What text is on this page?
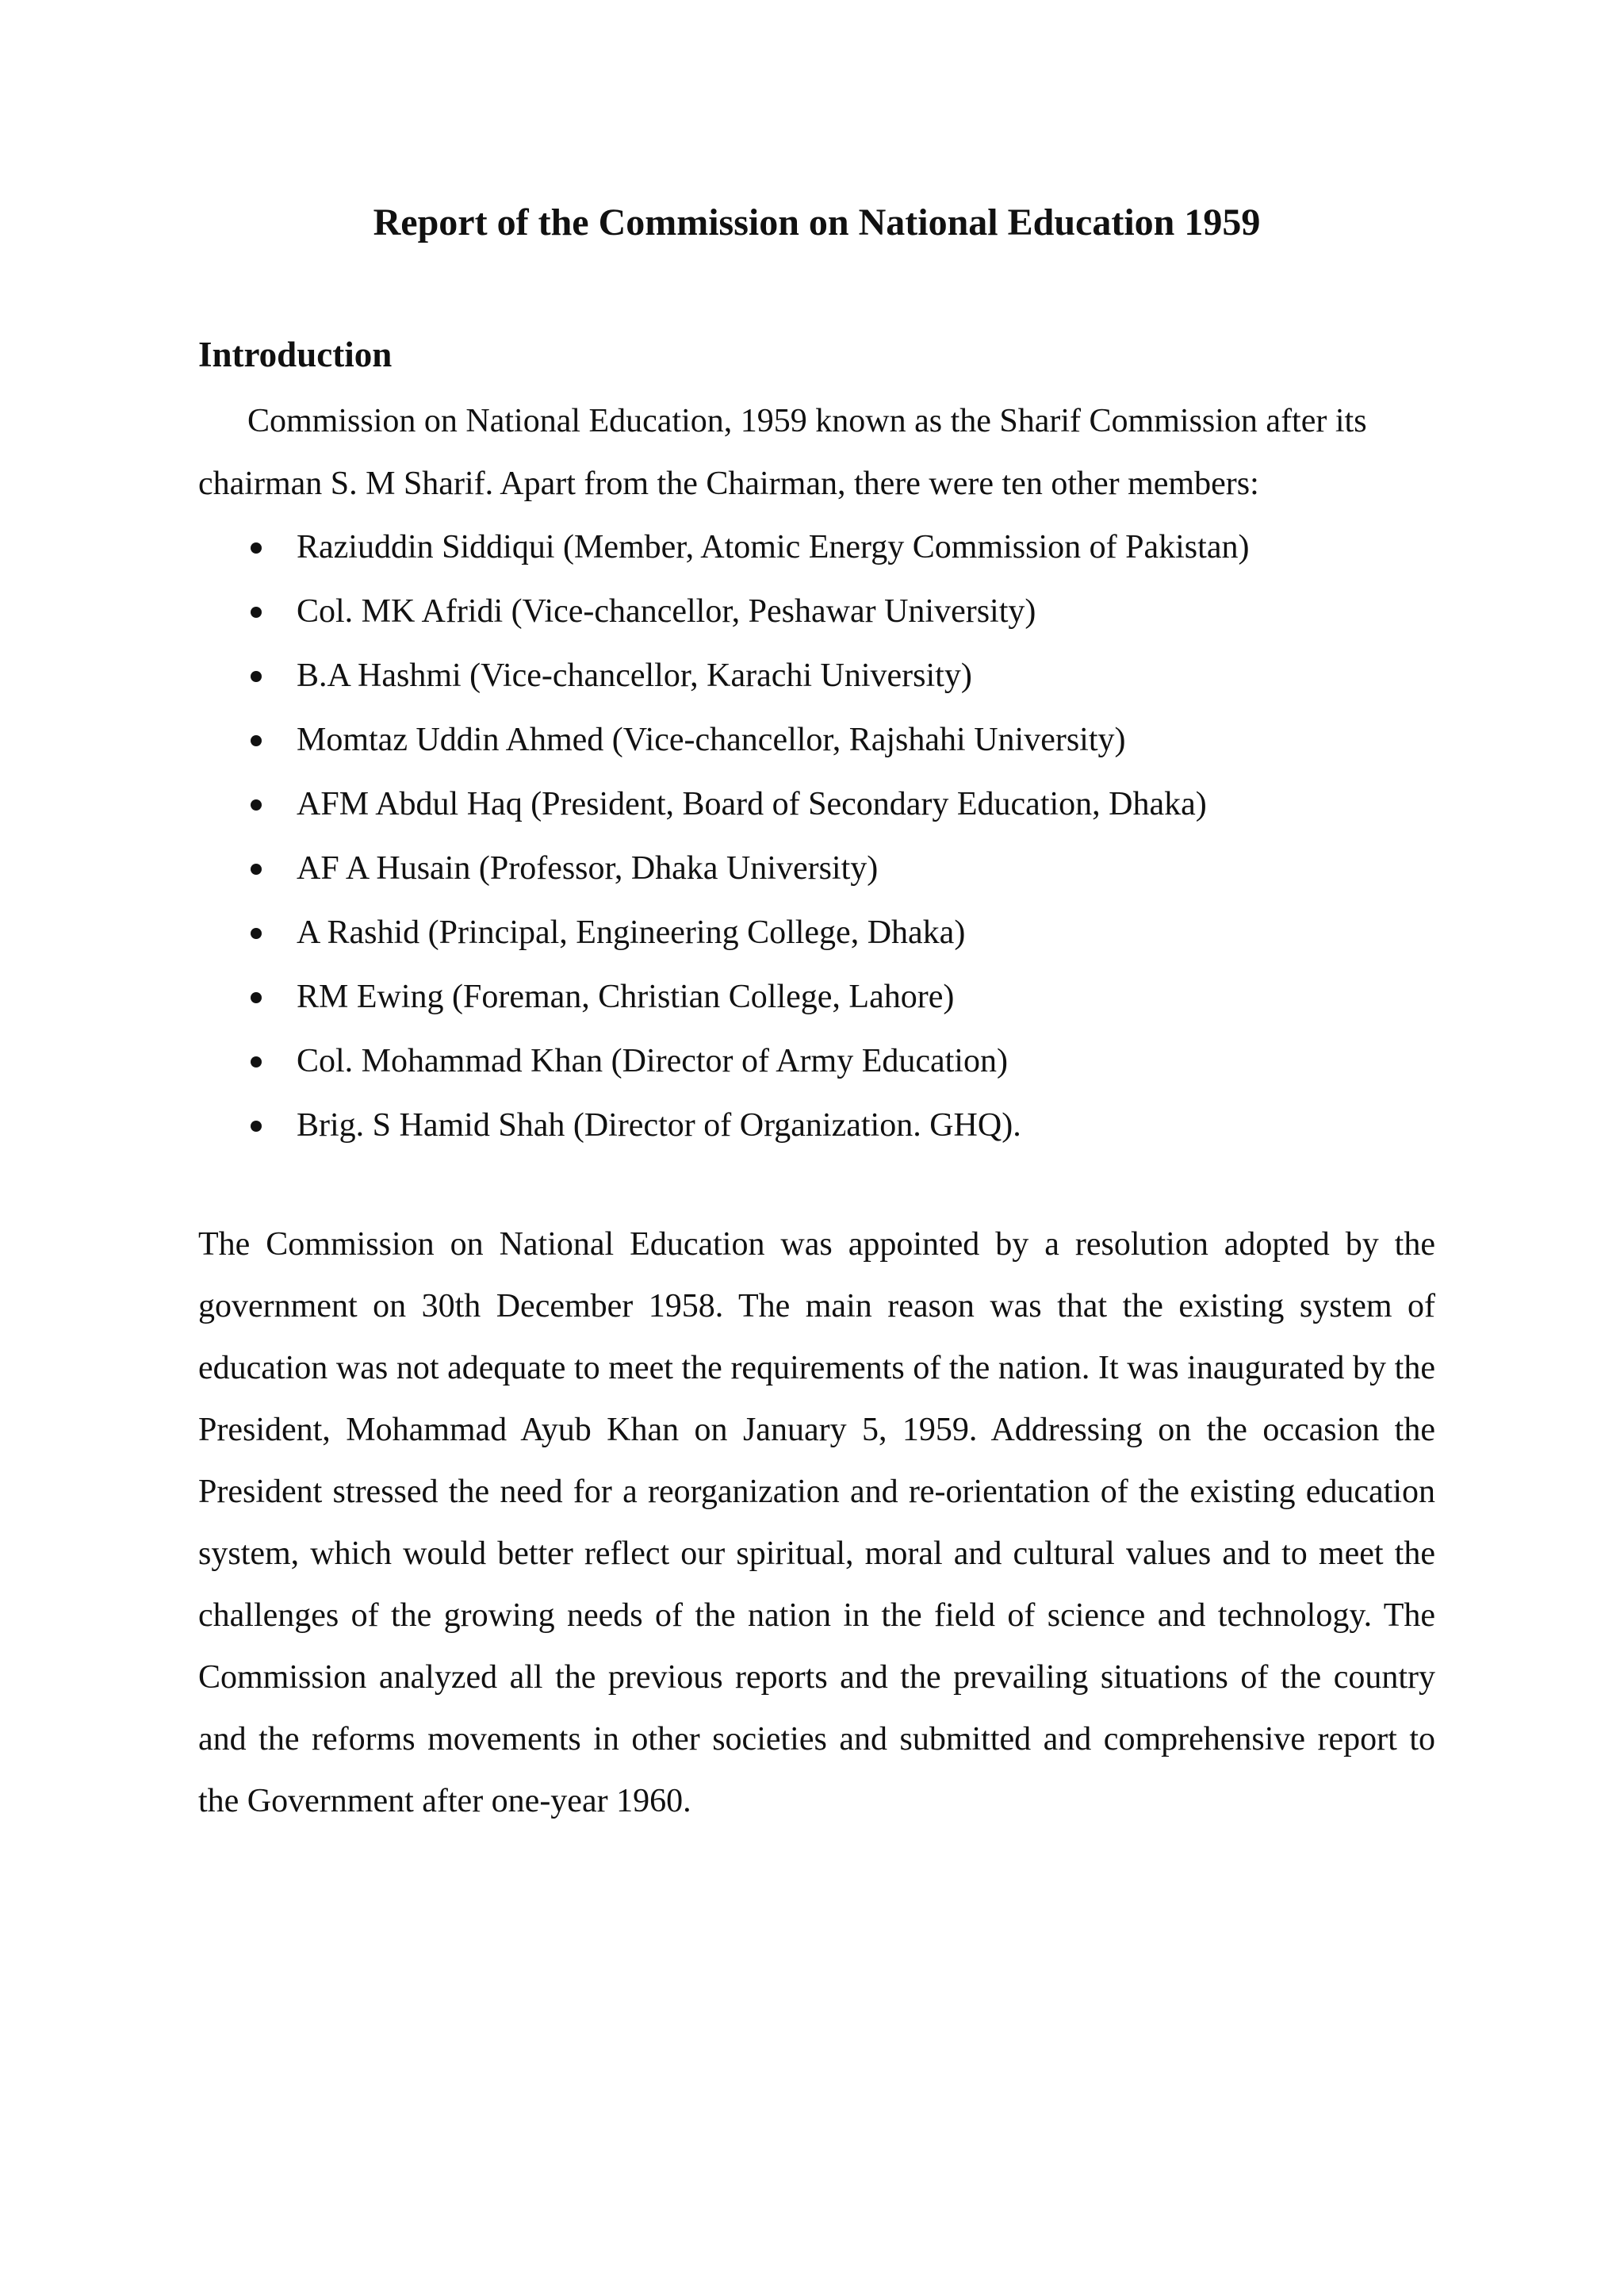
Report of the Commission on National Education 1959
Introduction

Commission on National Education, 1959 known as the Sharif Commission after its chairman S. M Sharif. Apart from the Chairman, there were ten other members:

Raziuddin Siddiqui (Member, Atomic Energy Commission of Pakistan)
Col. MK Afridi (Vice-chancellor, Peshawar University)
B.A Hashmi (Vice-chancellor, Karachi University)
Momtaz Uddin Ahmed (Vice-chancellor, Rajshahi University)
AFM Abdul Haq (President, Board of Secondary Education, Dhaka)
AF A Husain (Professor, Dhaka University)
A Rashid (Principal, Engineering College, Dhaka)
RM Ewing (Foreman, Christian College, Lahore)
Col. Mohammad Khan (Director of Army Education)
Brig. S Hamid Shah (Director of Organization. GHQ).

The Commission on National Education was appointed by a resolution adopted by the government on 30th December 1958. The main reason was that the existing system of education was not adequate to meet the requirements of the nation. It was inaugurated by the President, Mohammad Ayub Khan on January 5, 1959. Addressing on the occasion the President stressed the need for a reorganization and re-orientation of the existing education system, which would better reflect our spiritual, moral and cultural values and to meet the challenges of the growing needs of the nation in the field of science and technology. The Commission analyzed all the previous reports and the prevailing situations of the country and the reforms movements in other societies and submitted and comprehensive report to the Government after one-year 1960.
